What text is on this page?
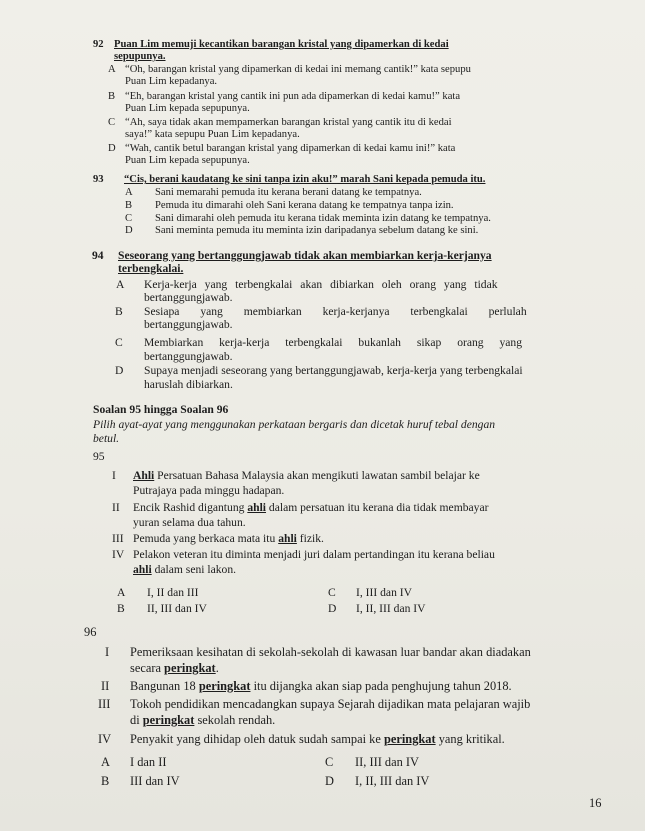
92 Puan Lim memuji kecantikan barangan kristal yang dipamerkan di kedai
sepupunya.
A “Oh, barangan kristal yang dipamerkan di kedai ini memang cantik!” kata sepupu
Puan Lim kepadanya.
B “Eh, barangan kristal yang cantik ini pun ada dipamerkan di kedai kamu!” kata
Puan Lim kepada sepupunya.
C “Ah, saya tidak akan mempamerkan barangan kristal yang cantik itu di kedai
saya!” kata sepupu Puan Lim kepadanya.
D “Wah, cantik betul barangan kristal yang dipamerkan di kedai kamu ini!” kata
Puan Lim kepada sepupunya.
93 “Cis, berani kaudatang ke sini tanpa izin aku!” marah Sani kepada pemuda itu.
A Sani memarahi pemuda itu kerana berani datang ke tempatnya.
B Pemuda itu dimarahi oleh Sani kerana datang ke tempatnya tanpa izin.
C Sani dimarahi oleh pemuda itu kerana tidak meminta izin datang ke tempatnya.
D Sani meminta pemuda itu meminta izin daripadanya sebelum datang ke sini.
94 Seseorang yang bertanggungjawab tidak akan membiarkan kerja-kerjanya
terbengkalai.
A Kerja-kerja yang terbengkalai akan dibiarkan oleh orang yang tidak
bertanggungjawab.
B Sesiapa yang membiarkan kerja-kerjanya terbengkalai perlulah
bertanggungjawab.
C Membiarkan kerja-kerja terbengkalai bukanlah sikap orang yang
bertanggungjawab.
D Supaya menjadi seseorang yang bertanggungjawab, kerja-kerja yang terbengkalai
haruslah dibiarkan.
Soalan 95 hingga Soalan 96
Pilih ayat-ayat yang menggunakan perkataan bergaris dan dicetak huruf tebal dengan
betul.
95
I Ahli Persatuan Bahasa Malaysia akan mengikuti lawatan sambil belajar ke
Putrajaya pada minggu hadapan.
II Encik Rashid digantung ahli dalam persatuan itu kerana dia tidak membayar
yuran selama dua tahun.
III Pemuda yang berkaca mata itu ahli fizik.
IV Pelakon veteran itu diminta menjadi juri dalam pertandingan itu kerana beliau
ahli dalam seni lakon.
A I, II dan III	C I, III dan IV
B II, III dan IV	D I, II, III dan IV
96
I Pemeriksaan kesihatan di sekolah-sekolah di kawasan luar bandar akan diadakan
secara peringkat.
II Bangunan 18 peringkat itu dijangka akan siap pada penghujung tahun 2018.
III Tokoh pendidikan mencadangkan supaya Sejarah dijadikan mata pelajaran wajib
di peringkat sekolah rendah.
IV Penyakit yang dihidap oleh datuk sudah sampai ke peringkat yang kritikal.
A I dan II	C II, III dan IV
B III dan IV	D I, II, III dan IV
16
